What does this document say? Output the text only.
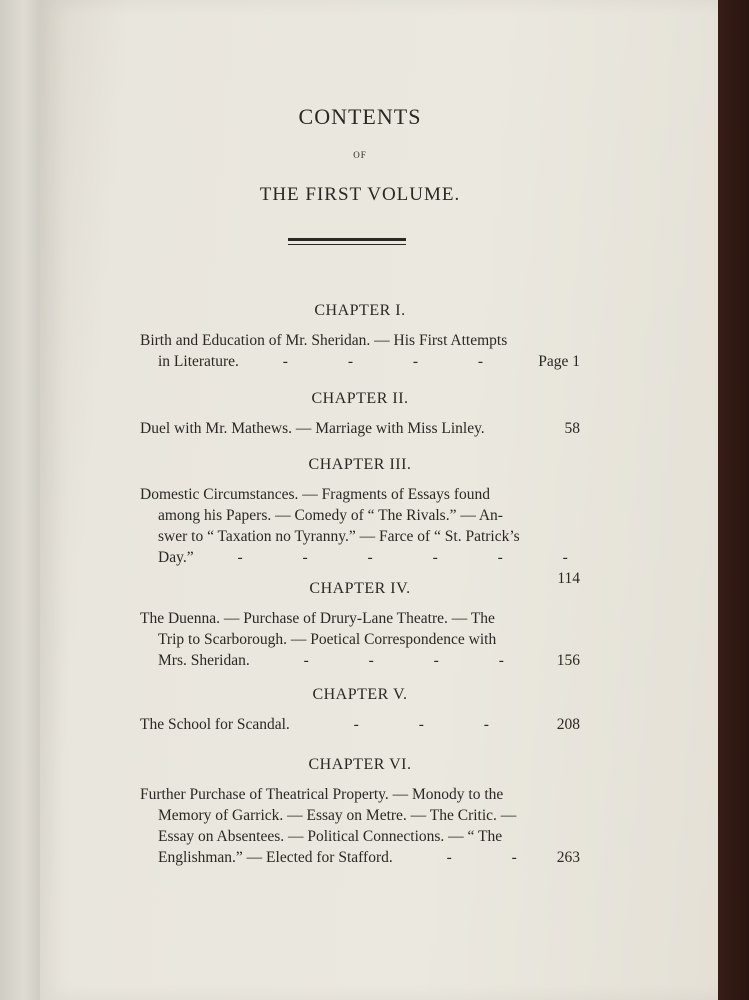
CONTENTS
OF
THE FIRST VOLUME.
CHAPTER I.
Birth and Education of Mr. Sheridan. — His First Attempts
in Literature.	- - - - Page 1
CHAPTER II.
Duel with Mr. Mathews. — Marriage with Miss Linley.	58
CHAPTER III.
Domestic Circumstances. — Fragments of Essays found
among his Papers. — Comedy of “ The Rivals.” — An-
swer to “ Taxation no Tyranny.” — Farce of “ St. Patrick’s
Day.”	- - - - - -
114
CHAPTER IV.
The Duenna. — Purchase of Drury-Lane Theatre. — The
Trip to Scarborough. — Poetical Correspondence with
Mrs. Sheridan.	- - - - 156
CHAPTER V.
The School for Scandal.	- - -	208
CHAPTER VI.
Further Purchase of Theatrical Property. — Monody to the
Memory of Garrick. — Essay on Metre. — The Critic. —
Essay on Absentees. — Political Connections. — “ The
Englishman.” — Elected for Stafford.	- - 263
